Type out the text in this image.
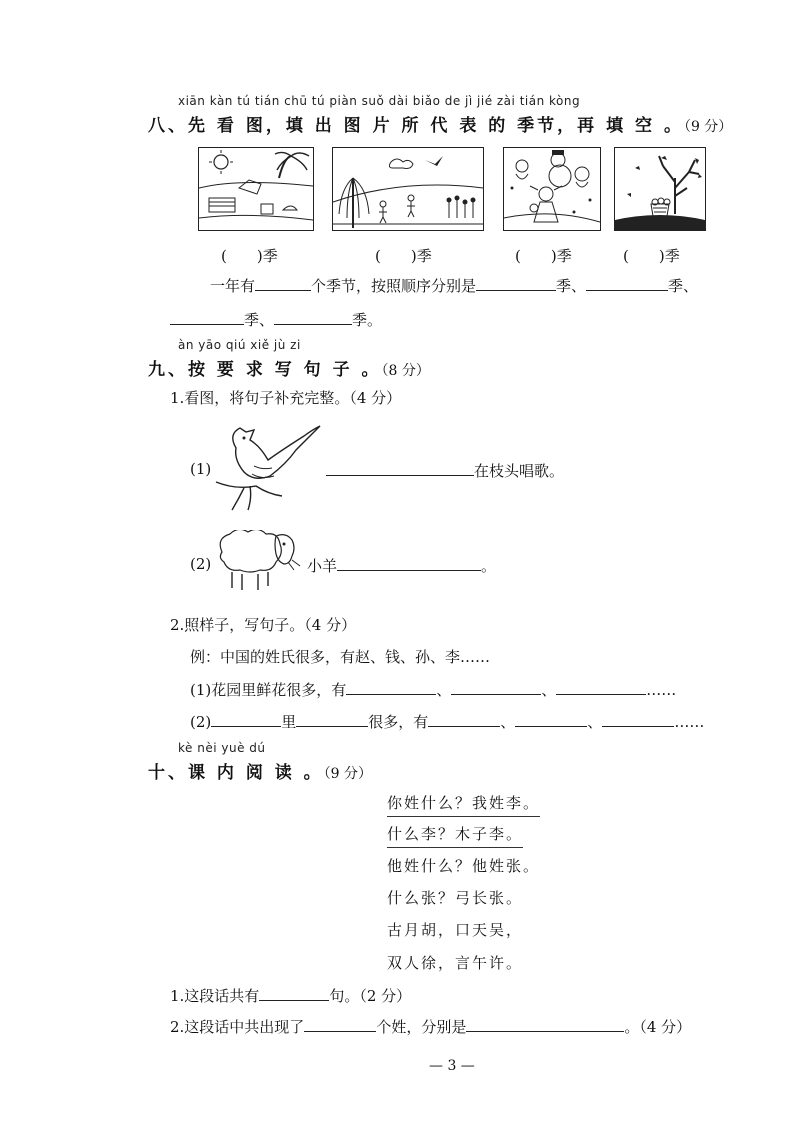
xiān kàn tú tián chū tú piàn suǒ dài biǎo de jì jié zài tián kòng
八、先 看 图，填 出 图 片 所 代 表 的 季节，再 填 空 。（9 分）
(　　)季	(　　)季	(　　)季	(　　)季
一年有	个季节，按照顺序分别是	季、	季、
季、	季。
àn yāo qiú xiě jù zi
九、按 要 求 写 句 子 。（8 分）
1.看图，将句子补充完整。（4 分）
(1)	在枝头唱歌。
(2)	小羊	。
2.照样子，写句子。（4 分）
例：中国的姓氏很多，有赵、钱、孙、李……
(1)花园里鲜花很多，有	、	、	……
(2)	里	很多，有	、	、	……
kè nèi yuè dú
十、课 内 阅 读 。（9 分）
你姓什么？我姓李。
什么李？木子李。
他姓什么？他姓张。
什么张？弓长张。
古月胡，口天吴，
双人徐，言午许。
1.这段话共有	句。（2 分）
2.这段话中共出现了	个姓，分别是	。（4 分）
— 3 —
